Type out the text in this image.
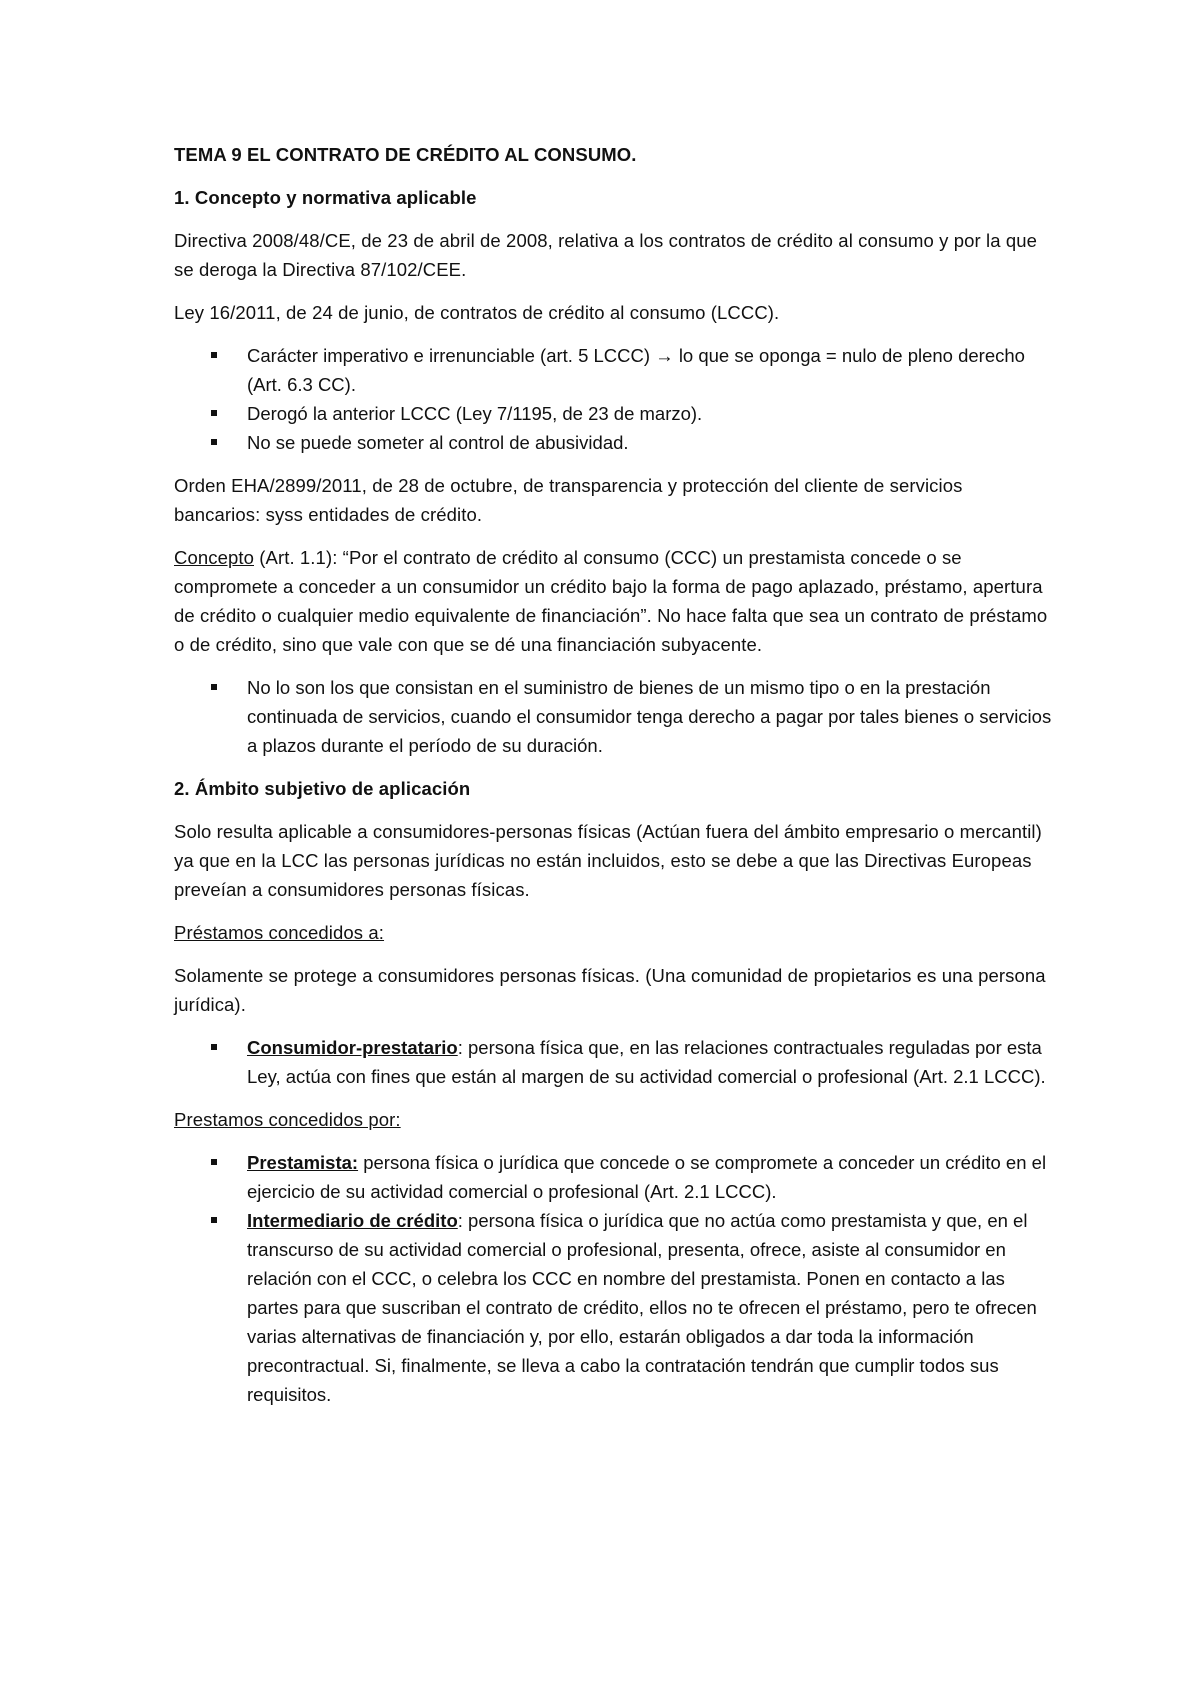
TEMA 9 EL CONTRATO DE CRÉDITO AL CONSUMO.

1. Concepto y normativa aplicable

Directiva 2008/48/CE, de 23 de abril de 2008, relativa a los contratos de crédito al consumo y por la que se deroga la Directiva 87/102/CEE.

Ley 16/2011, de 24 de junio, de contratos de crédito al consumo (LCCC).

Carácter imperativo e irrenunciable (art. 5 LCCC) → lo que se oponga = nulo de pleno derecho (Art. 6.3 CC).
Derogó la anterior LCCC (Ley 7/1195, de 23 de marzo).
No se puede someter al control de abusividad.

Orden EHA/2899/2011, de 28 de octubre, de transparencia y protección del cliente de servicios bancarios: syss entidades de crédito.

Concepto (Art. 1.1): “Por el contrato de crédito al consumo (CCC) un prestamista concede o se compromete a conceder a un consumidor un crédito bajo la forma de pago aplazado, préstamo, apertura de crédito o cualquier medio equivalente de financiación”. No hace falta que sea un contrato de préstamo o de crédito, sino que vale con que se dé una financiación subyacente.

No lo son los que consistan en el suministro de bienes de un mismo tipo o en la prestación continuada de servicios, cuando el consumidor tenga derecho a pagar por tales bienes o servicios a plazos durante el período de su duración.

2. Ámbito subjetivo de aplicación

Solo resulta aplicable a consumidores-personas físicas (Actúan fuera del ámbito empresario o mercantil) ya que en la LCC las personas jurídicas no están incluidos, esto se debe a que las Directivas Europeas preveían a consumidores personas físicas.

Préstamos concedidos a:

Solamente se protege a consumidores personas físicas. (Una comunidad de propietarios es una persona jurídica).

Consumidor-prestatario: persona física que, en las relaciones contractuales reguladas por esta Ley, actúa con fines que están al margen de su actividad comercial o profesional (Art. 2.1 LCCC).

Prestamos concedidos por:

Prestamista: persona física o jurídica que concede o se compromete a conceder un crédito en el ejercicio de su actividad comercial o profesional (Art. 2.1 LCCC).
Intermediario de crédito: persona física o jurídica que no actúa como prestamista y que, en el transcurso de su actividad comercial o profesional, presenta, ofrece, asiste al consumidor en relación con el CCC, o celebra los CCC en nombre del prestamista. Ponen en contacto a las partes para que suscriban el contrato de crédito, ellos no te ofrecen el préstamo, pero te ofrecen varias alternativas de financiación y, por ello, estarán obligados a dar toda la información precontractual. Si, finalmente, se lleva a cabo la contratación tendrán que cumplir todos sus requisitos.
